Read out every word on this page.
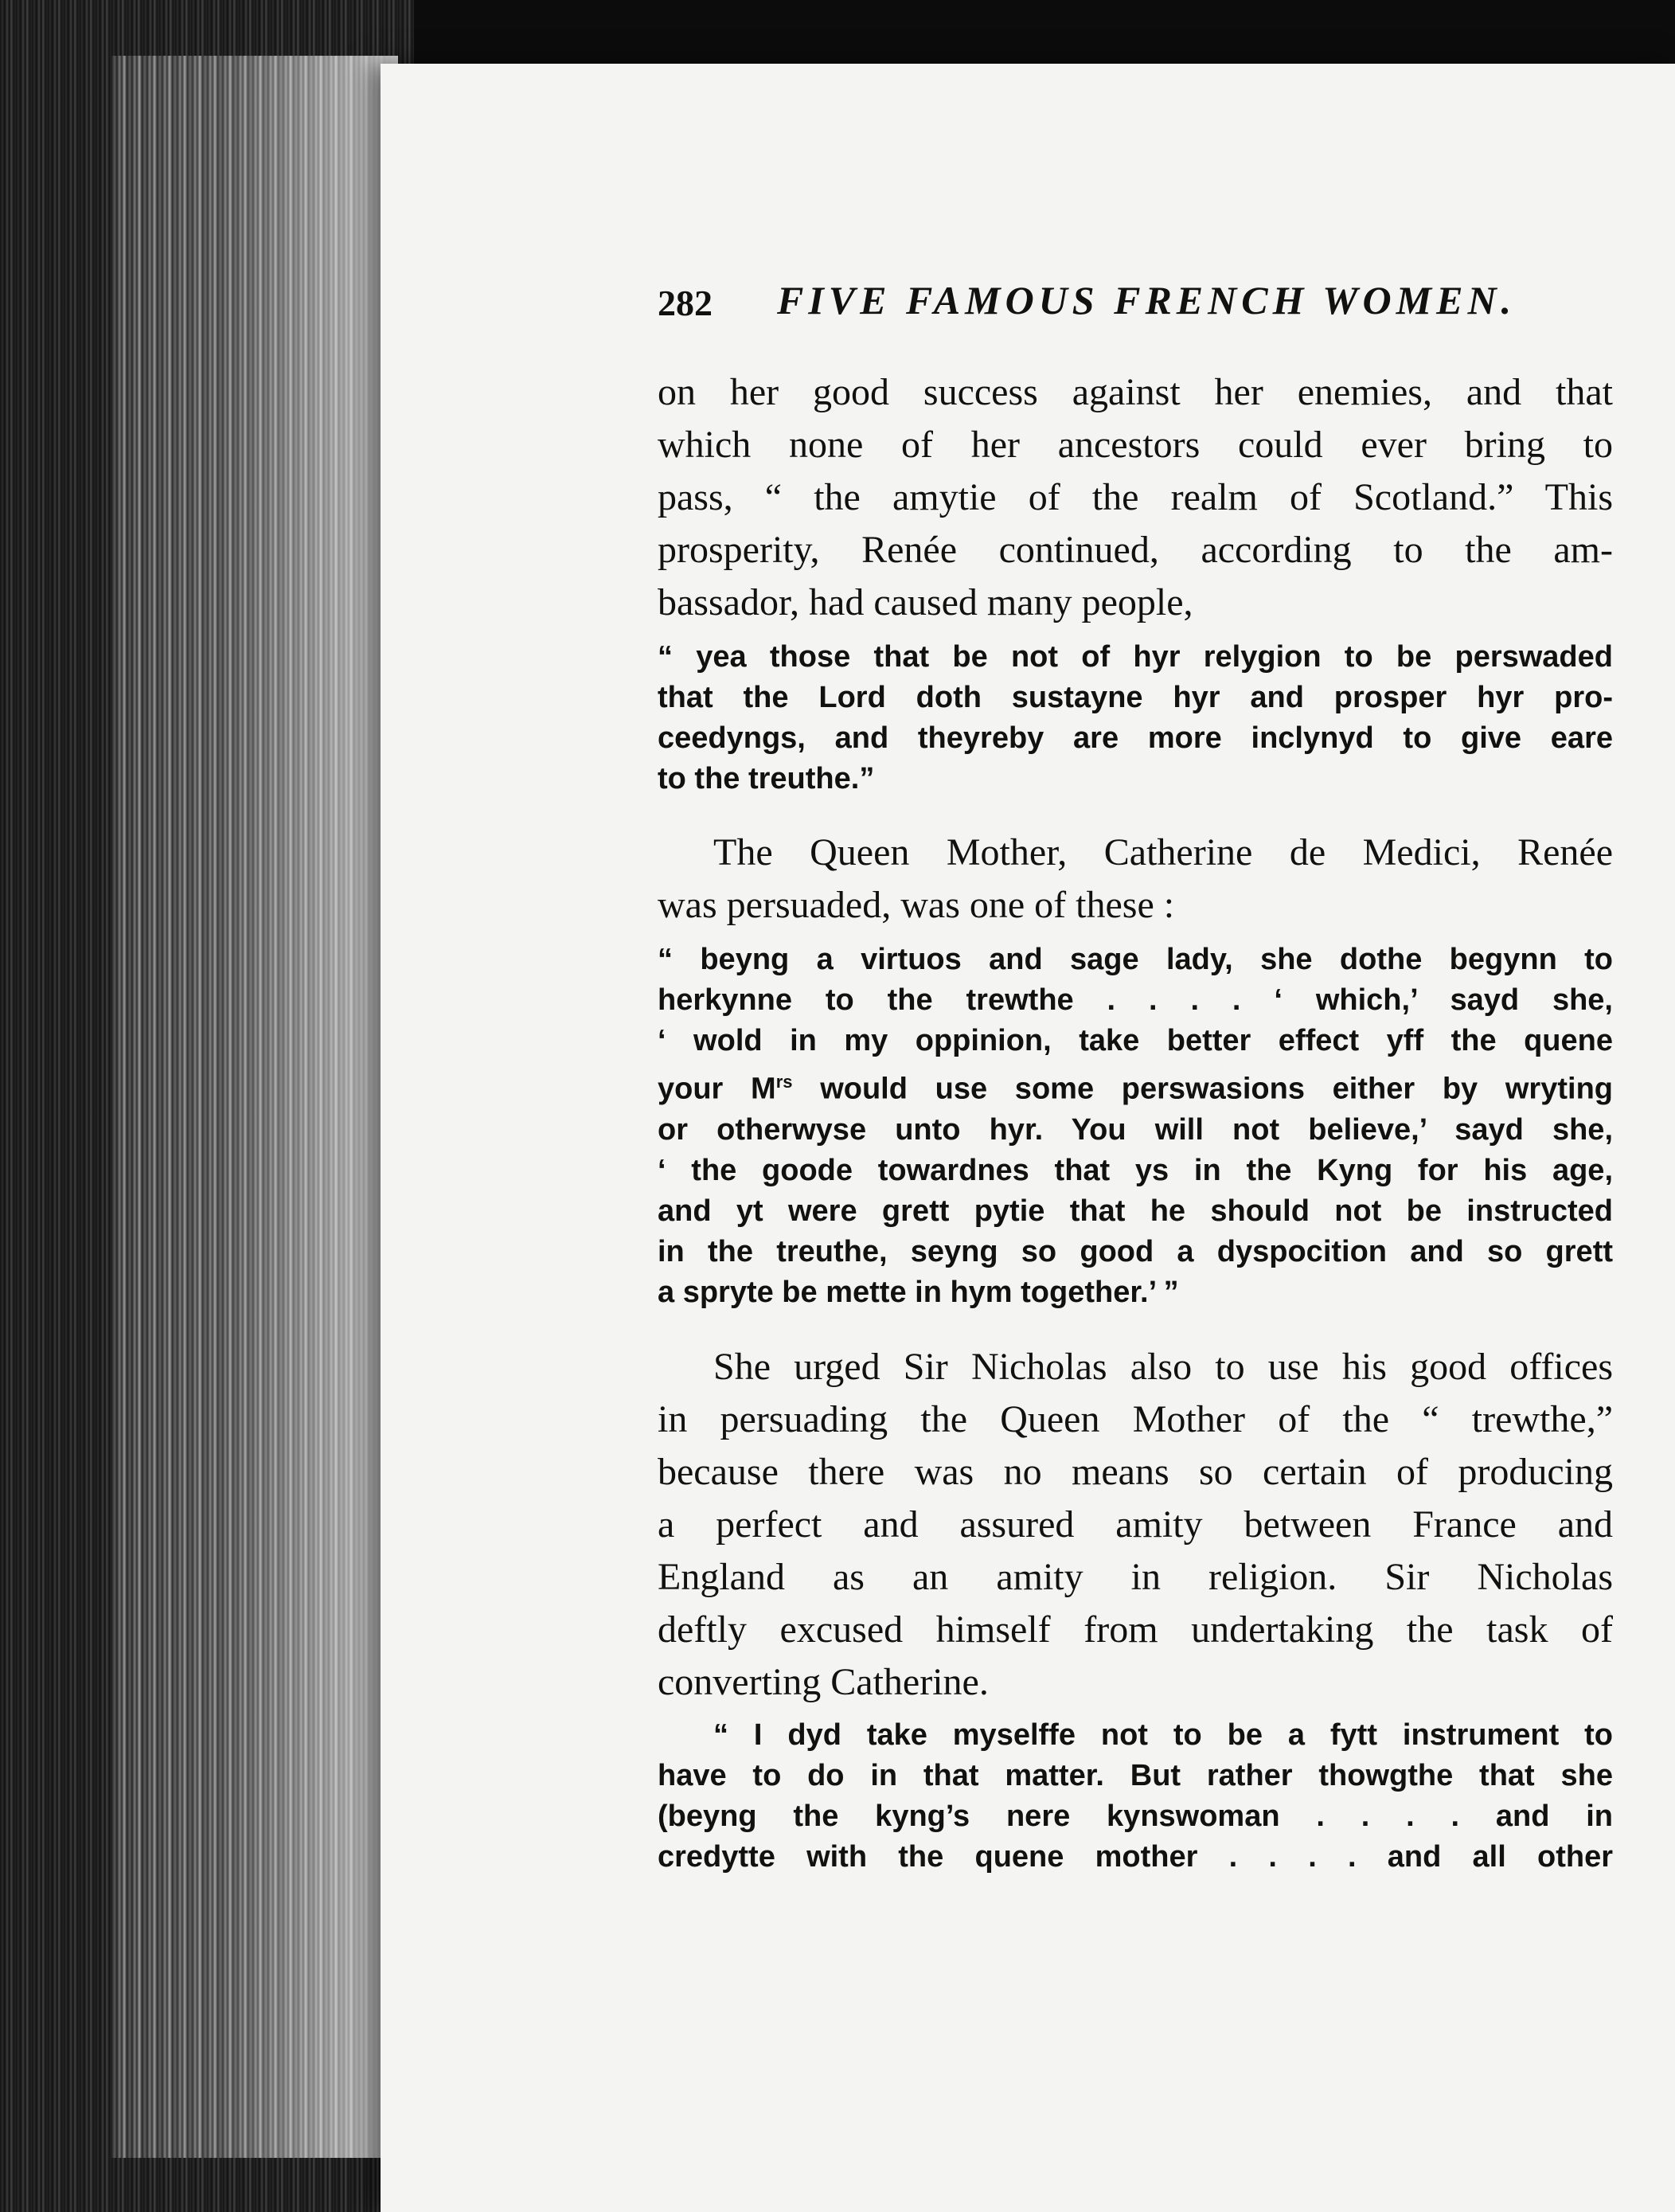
282 FIVE FAMOUS FRENCH WOMEN.
on her good success against her enemies, and that
which none of her ancestors could ever bring to
pass, “ the amytie of the realm of Scotland.” This
prosperity, Renée continued, according to the am-
bassador, had caused many people,
“ yea those that be not of hyr relygion to be perswaded
that the Lord doth sustayne hyr and prosper hyr pro-
ceedyngs, and theyreby are more inclynyd to give eare
to the treuthe.”
The Queen Mother, Catherine de Medici, Renée
was persuaded, was one of these :
“ beyng a virtuos and sage lady, she dothe begynn to
herkynne to the trewthe . . . . ‘ which,’ sayd she,
‘ wold in my oppinion, take better effect yff the quene
your $M^{rs}$ would use some perswasions either by wryting
or otherwyse unto hyr. You will not believe,’ sayd she,
‘ the goode towardnes that ys in the Kyng for his age,
and yt were grett pytie that he should not be instructed
in the treuthe, seyng so good a dyspocition and so grett
a spryte be mette in hym together.’ ”
She urged Sir Nicholas also to use his good offices
in persuading the Queen Mother of the “ trewthe,”
because there was no means so certain of producing
a perfect and assured amity between France and
England as an amity in religion. Sir Nicholas
deftly excused himself from undertaking the task of
converting Catherine.
“ I dyd take myselffe not to be a fytt instrument to
have to do in that matter. But rather thowgthe that she
(beyng the kyng’s nere kynswoman . . . . and in
credytte with the quene mother . . . . and all other
